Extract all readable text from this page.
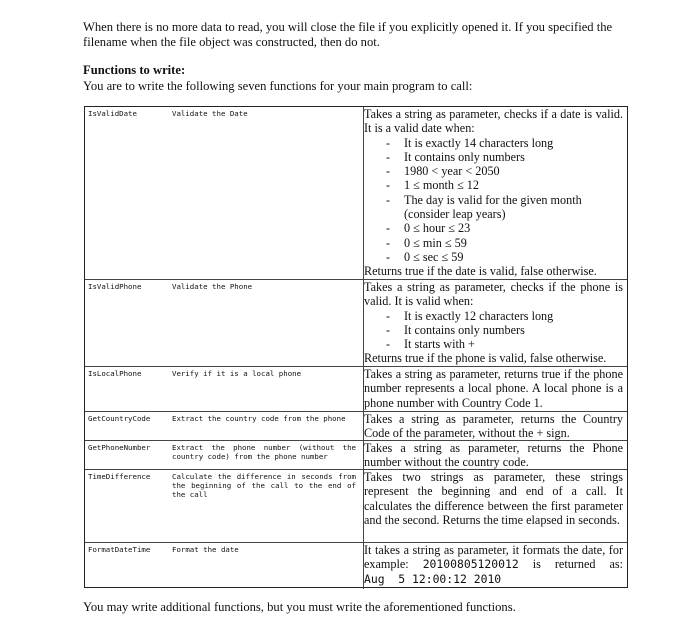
When there is no more data to read, you will close the file if you explicitly opened it. If you specified the filename when the file object was constructed, then do not.
Functions to write:
You are to write the following seven functions for your main program to call:
IsValidDate	Validate the Date	Takes a string as parameter, checks if a date is valid. It is a valid date when:
- It is exactly 14 characters long
- It contains only numbers
- 1980 < year < 2050
- 1 ≤ month ≤ 12
- The day is valid for the given month (consider leap years)
- 0 ≤ hour ≤ 23
- 0 ≤ min ≤ 59
- 0 ≤ sec ≤ 59
Returns true if the date is valid, false otherwise.
IsValidPhone	Validate the Phone	Takes a string as parameter, checks if the phone is valid. It is valid when:
- It is exactly 12 characters long
- It contains only numbers
- It starts with +
Returns true if the phone is valid, false otherwise.
IsLocalPhone	Verify if it is a local phone	Takes a string as parameter, returns true if the phone number represents a local phone. A local phone is a phone number with Country Code 1.
GetCountryCode	Extract the country code from the phone	Takes a string as parameter, returns the Country Code of the parameter, without the + sign.
GetPhoneNumber	Extract the phone number (without the country code) from the phone number
Takes a string as parameter, returns the Phone number without the country code.
TimeDifference	Calculate the difference in seconds from the beginning of the call to the end of the call
Takes two strings as parameter, these strings represent the beginning and end of a call. It calculates the difference between the first parameter and the second. Returns the time elapsed in seconds.
FormatDateTime	Format the date	It takes a string as parameter, it formats the date, for example: 20100805120012 is returned as: Aug  5 12:00:12 2010
You may write additional functions, but you must write the aforementioned functions.
